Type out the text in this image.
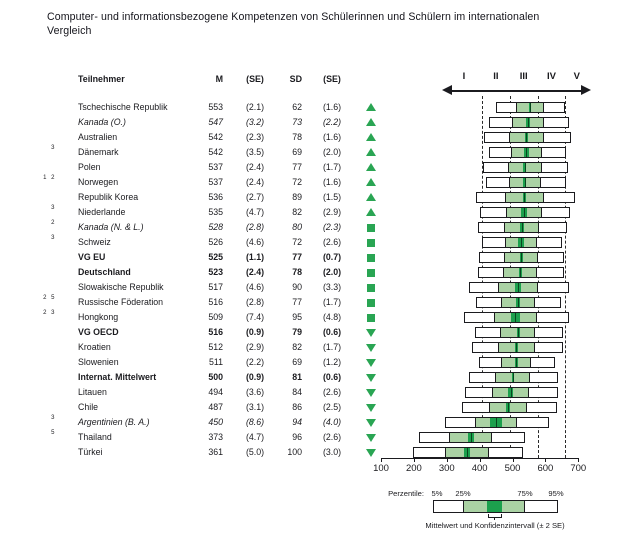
Computer- und informationsbezogene Kompetenzen von Schülerinnen und Schülern im internationalen
Vergleich
Teilnehmer	M	(SE)	SD	(SE)
Tschechische Republik	553	(2.1)	62	(1.6)
Kanada (O.)	547	(3.2)	73	(2.2)
Australien	542	(2.3)	78	(1.6)
3	Dänemark	542	(3.5)	69	(2.0)
Polen	537	(2.4)	77	(1.7)
1 2	Norwegen	537	(2.4)	72	(1.6)
Republik Korea	536	(2.7)	89	(1.5)
3	Niederlande	535	(4.7)	82	(2.9)
2	Kanada (N. & L.)	528	(2.8)	80	(2.3)
3	Schweiz	526	(4.6)	72	(2.6)
VG EU	525	(1.1)	77	(0.7)
Deutschland	523	(2.4)	78	(2.0)
Slowakische Republik	517	(4.6)	90	(3.3)
2 5	Russische Föderation	516	(2.8)	77	(1.7)
2 3	Hongkong	509	(7.4)	95	(4.8)
VG OECD	516	(0.9)	79	(0.6)
Kroatien	512	(2.9)	82	(1.7)
Slowenien	511	(2.2)	69	(1.2)
Internat. Mittelwert	500	(0.9)	81	(0.6)
Litauen	494	(3.6)	84	(2.6)
Chile	487	(3.1)	86	(2.5)
3	Argentinien (B. A.)	450	(8.6)	94	(4.0)
5	Thailand	373	(4.7)	96	(2.6)
Türkei	361	(5.0)	100	(3.0)
I	II	III	IV	V
100	200	300	400	500	600	700
Perzentile: 5%	25%	75%	95%
Mittelwert und Konfidenzintervall (± 2 SE)
